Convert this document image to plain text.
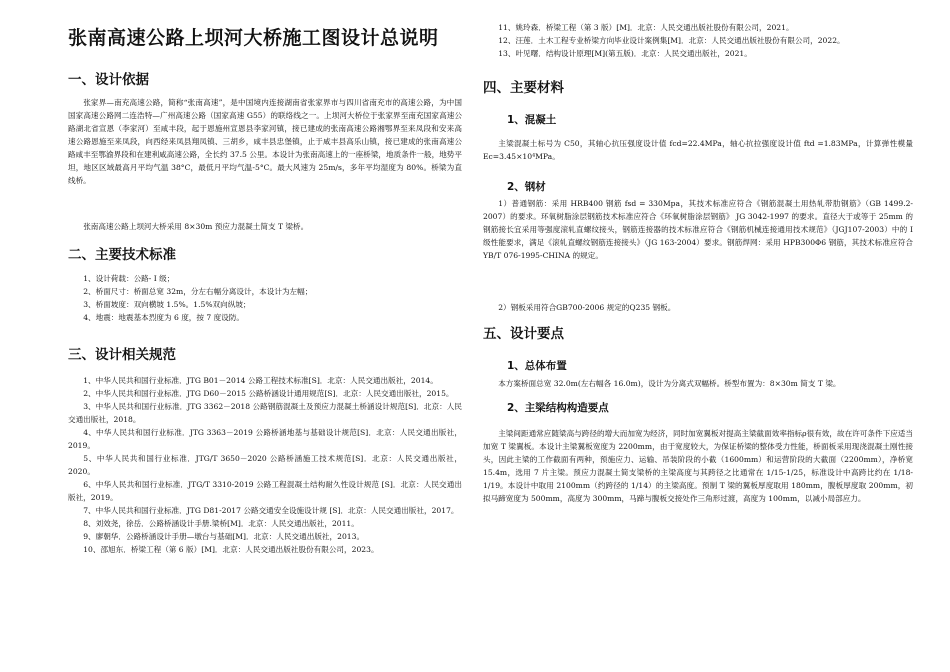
张南高速公路上坝河大桥施工图设计总说明
一、设计依据

张家界—南充高速公路，简称“张南高速”，是中国境内连接湖南省张家界市与四川省南充市的高速公路，为中国国家高速公路网二连浩特—广州高速公路（国家高速 G55）的联络线之一。上坝河大桥位于张家界至南充国家高速公路湖北省宣恩（李家河）至咸丰段，起于恩施州宣恩县李家河镇，接已建成的张南高速公路湘鄂界至来凤段和安来高速公路恩施至来凤段，向西经来凤县翔凤镇、三胡乡，咸丰县忠堡镇，止于咸丰县高乐山镇，接已建成的张南高速公路咸丰至鄂渝界段和在建利咸高速公路，全长约 37.5 公里。本设计为张南高速上的一座桥梁，地质条件一般，地势平坦，地区区域最高月平均气温 38°C，最低月平均气温-5°C。最大风速为 25m/s，多年平均湿度为 80%。桥梁为直线桥。

张南高速公路上坝河大桥采用 8×30m 预应力混凝土简支 T 梁桥。

二、主要技术标准
1、设计荷载：公路- I 级；
2、桥面尺寸：桥面总宽 32m，分左右幅分离设计，本设计为左幅；
3、桥面坡度：双向横坡 1.5%。1.5%双向纵坡；
4、地震：地震基本烈度为 6 度，按 7 度设防。
三、设计相关规范
1、中华人民共和国行业标准．JTG B01－2014 公路工程技术标准[S]．北京：人民交通出版社，2014。
2、中华人民共和国行业标准．JTG D60－2015 公路桥涵设计通用规范[S]．北京：人民交通出版社，2015。
3、中华人民共和国行业标准．JTG 3362－2018 公路钢筋混凝土及预应力混凝土桥涵设计规范[S]．北京：人民交通出版社，2018。
4、中华人民共和国行业标准．JTG 3363－2019 公路桥涵地基与基础设计规范[S]．北京：人民交通出版社，2019。
5、中华人民共和国行业标准．JTG/T 3650－2020 公路桥涵施工技术规范[S]．北京：人民交通出版社，2020。
6、中华人民共和国行业标准．JTG/T 3310-2019 公路工程混凝土结构耐久性设计规范 [S]．北京：人民交通出版社，2019。
7、中华人民共和国行业标准．JTG D81-2017 公路交通安全设施设计规 [S]．北京：人民交通出版社，2017。
8、刘效尧，徐岳．公路桥涵设计手册.梁桥[M]．北京：人民交通出版社，2011。
9、廖朝华．公路桥涵设计手册—墩台与基础[M]．北京：人民交通出版社，2013。
10、邵旭东．桥梁工程（第 6 版）[M]．北京：人民交通出版社股份有限公司，2023。
11、姚玲森．桥梁工程（第 3 版）[M]．北京：人民交通出版社股份有限公司，2021。
12、汪莲．土木工程专业桥梁方向毕业设计案例集[M]．北京：人民交通出版社股份有限公司，2022。
13、叶见曙．结构设计原理[M](第五版)．北京：人民交通出版社，2021。
四、主要材料
1、混凝土

主梁混凝土标号为 C50，其轴心抗压强度设计值 fcd=22.4MPa，轴心抗拉强度设计值 ftd =1.83MPa，计算弹性模量 Ec=3.45×10⁴MPa。

2、钢材

1）普通钢筋：采用 HRB400 钢筋 fsd = 330Mpa，其技术标准应符合《钢筋混凝土用热轧带肋钢筋》（GB 1499.2-2007）的要求。环氧树脂涂层钢筋技术标准应符合《环氧树脂涂层钢筋》 JG 3042-1997 的要求。直径大于或等于 25mm 的钢筋接长宜采用等强度滚轧直螺纹接头，钢筋连接器的技术标准应符合《钢筋机械连接通用技术规范》（JGJ107-2003）中的 I 级性能要求，满足《滚轧直螺纹钢筋连接接头》（JG 163-2004）要求。钢筋焊网：采用 HPB300Φ6 钢筋，其技术标准应符合 YB/T 076-1995-CHINA 的规定。

2）钢板采用符合GB700-2006 规定的Q235 钢板。

五、设计要点
1、总体布置

本方案桥面总宽 32.0m(左右幅各 16.0m)，设计为分离式双幅桥。桥型布置为：8×30m 简支 T 梁。

2、主梁结构构造要点

主梁间距通常应随梁高与跨径的增大而加宽为经济，同时加宽翼板对提高主梁截面效率指标ρ很有效，故在许可条件下应适当加宽 T 梁翼板。本设计主梁翼板宽度为 2200mm，由于宽度较大，为保证桥梁的整体受力性能，桥面板采用现浇混凝土刚性接头，因此主梁的工作截面有两种，预施应力、运输、吊装阶段的小截（1600mm）和运营阶段的大截面（2200mm），净桥宽 15.4m，选用 7 片主梁。预应力混凝土简支梁桥的主梁高度与其跨径之比通常在 1/15-1/25，标准设计中高跨比约在 1/18-1/19。本设计中取用 2100mm（约跨径的 1/14）的主梁高度。预制 T 梁的翼板厚度取用 180mm，腹板厚度取 200mm，初拟马蹄宽度为 500mm，高度为 300mm，马蹄与腹板交接处作三角形过渡，高度为 100mm，以减小局部应力。
